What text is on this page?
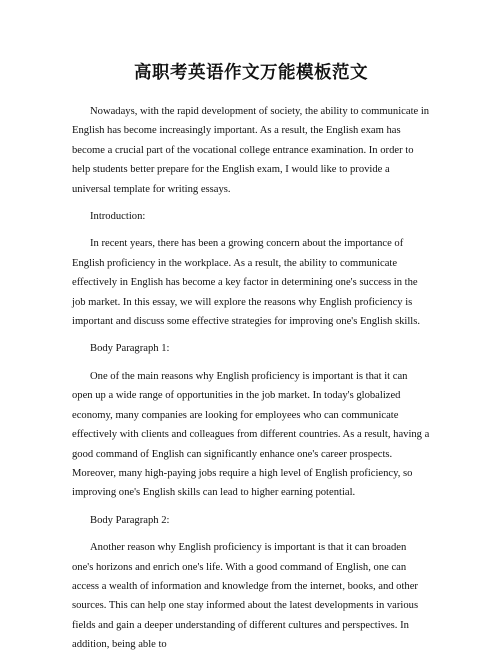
高职考英语作文万能模板范文

Nowadays, with the rapid development of society, the ability to communicate in English has become increasingly important. As a result, the English exam has become a crucial part of the vocational college entrance examination. In order to help students better prepare for the English exam, I would like to provide a universal template for writing essays.

Introduction:

In recent years, there has been a growing concern about the importance of English proficiency in the workplace. As a result, the ability to communicate effectively in English has become a key factor in determining one's success in the job market. In this essay, we will explore the reasons why English proficiency is important and discuss some effective strategies for improving one's English skills.

Body Paragraph 1:

One of the main reasons why English proficiency is important is that it can open up a wide range of opportunities in the job market. In today's globalized economy, many companies are looking for employees who can communicate effectively with clients and colleagues from different countries. As a result, having a good command of English can significantly enhance one's career prospects. Moreover, many high-paying jobs require a high level of English proficiency, so improving one's English skills can lead to higher earning potential.

Body Paragraph 2:

Another reason why English proficiency is important is that it can broaden one's horizons and enrich one's life. With a good command of English, one can access a wealth of information and knowledge from the internet, books, and other sources. This can help one stay informed about the latest developments in various fields and gain a deeper understanding of different cultures and perspectives. In addition, being able to
